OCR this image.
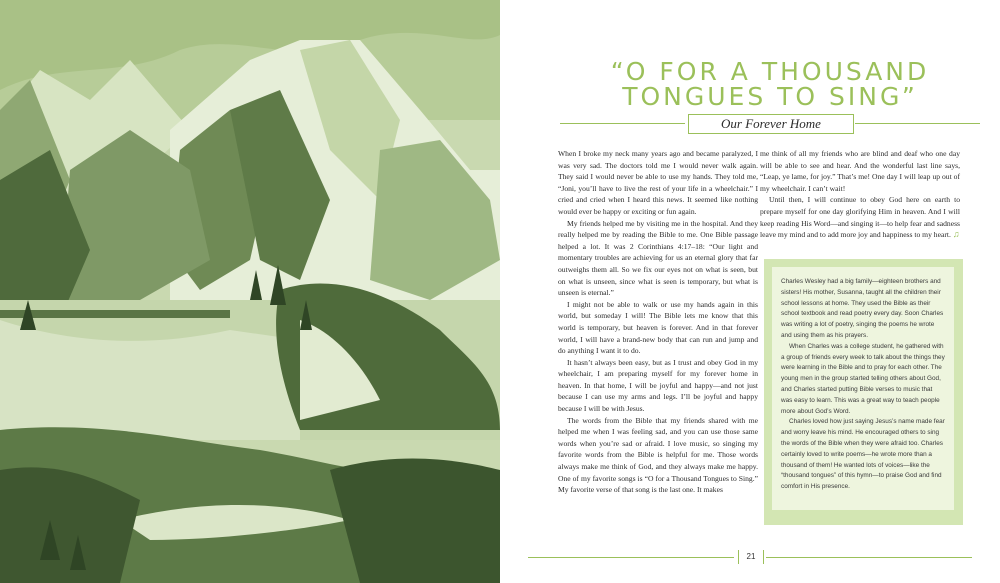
“O FOR A THOUSAND
TONGUES TO SING”
Our Forever Home

When I broke my neck many years ago and became paralyzed, I was very sad. The doctors told me I would never walk again. They said I would never be able to use my hands. They told me, “Joni, you’ll have to live the rest of your life in a wheelchair.” I cried and cried when I heard this news. It seemed like nothing would ever be happy or exciting or fun again.

My friends helped me by visiting me in the hospital. And they really helped me by reading the Bible to me. One Bible passage helped a lot. It was 2 Corinthians 4:17–18: “Our light and momentary troubles are achieving for us an eternal glory that far outweighs them all. So we fix our eyes not on what is seen, but on what is unseen, since what is seen is temporary, but what is unseen is eternal.”

I might not be able to walk or use my hands again in this world, but someday I will! The Bible lets me know that this world is temporary, but heaven is forever. And in that forever world, I will have a brand-new body that can run and jump and do anything I want it to do.

It hasn’t always been easy, but as I trust and obey God in my wheelchair, I am preparing myself for my forever home in heaven. In that home, I will be joyful and happy—and not just because I can use my arms and legs. I’ll be joyful and happy because I will be with Jesus.

The words from the Bible that my friends shared with me helped me when I was feeling sad, and you can use those same words when you’re sad or afraid. I love music, so singing my favorite words from the Bible is helpful for me. Those words always make me think of God, and they always make me happy. One of my favorite songs is “O for a Thousand Tongues to Sing.” My favorite verse of that song is the last one. It makes

me think of all my friends who are blind and deaf who one day will be able to see and hear. And the wonderful last line says, “Leap, ye lame, for joy.” That’s me! One day I will leap up out of my wheelchair. I can’t wait!

Until then, I will continue to obey God here on earth to prepare myself for one day glorifying Him in heaven. And I will keep reading His Word—and singing it—to help fear and sadness leave my mind and to add more joy and happiness to my heart. ♫

Charles Wesley had a big family—eighteen brothers and sisters! His mother, Susanna, taught all the children their school lessons at home. They used the Bible as their school textbook and read poetry every day. Soon Charles was writing a lot of poetry, singing the poems he wrote and using them as his prayers.

When Charles was a college student, he gathered with a group of friends every week to talk about the things they were learning in the Bible and to pray for each other. The young men in the group started telling others about God, and Charles started putting Bible verses to music that was easy to learn. This was a great way to teach people more about God’s Word.

Charles loved how just saying Jesus’s name made fear and worry leave his mind. He encouraged others to sing the words of the Bible when they were afraid too. Charles certainly loved to write poems—he wrote more than a thousand of them! He wanted lots of voices—like the “thousand tongues” of this hymn—to praise God and find comfort in His presence.

21
